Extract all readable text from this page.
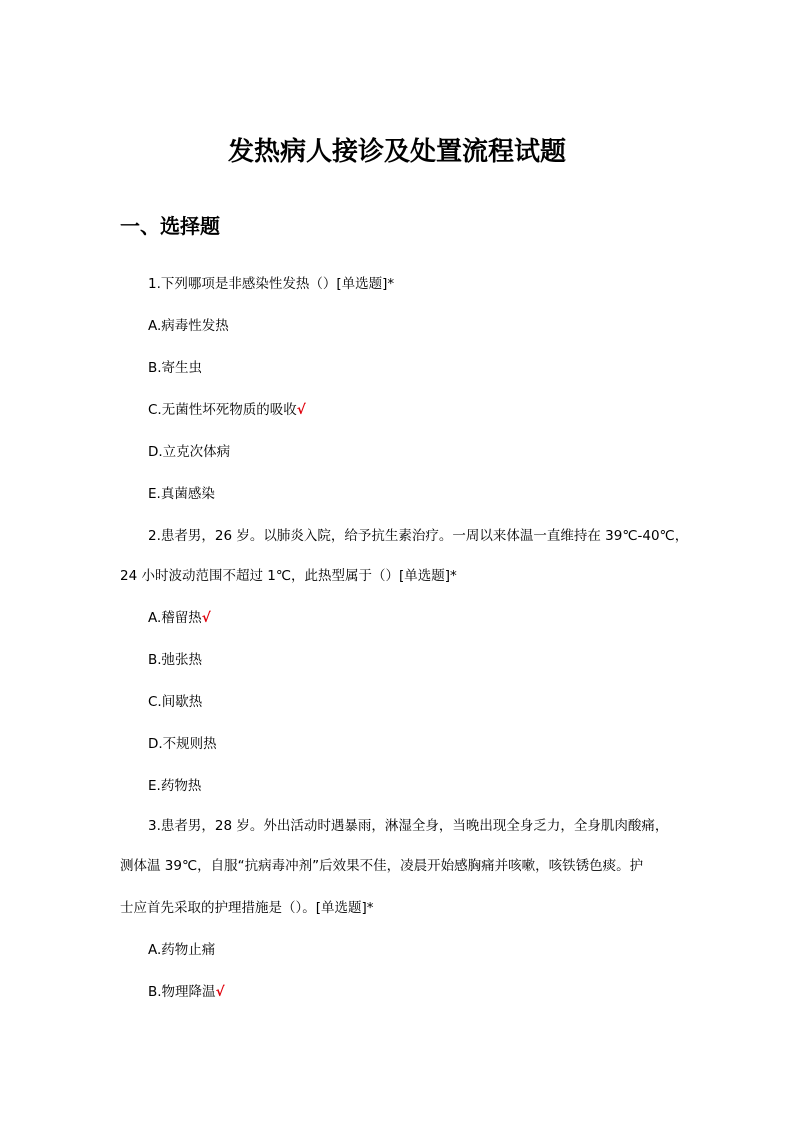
发热病人接诊及处置流程试题
一、选择题
1.下列哪项是非感染性发热（）[单选题]*
A.病毒性发热
B.寄生虫
C.无菌性坏死物质的吸收√
D.立克次体病
E.真菌感染
2.患者男，26 岁。以肺炎入院，给予抗生素治疗。一周以来体温一直维持在 39℃-40℃，
24 小时波动范围不超过 1℃，此热型属于（）[单选题]*
A.稽留热√
B.弛张热
C.间歇热
D.不规则热
E.药物热
3.患者男，28 岁。外出活动时遇暴雨，淋湿全身，当晚出现全身乏力，全身肌肉酸痛，
测体温 39℃，自服“抗病毒冲剂”后效果不佳，凌晨开始感胸痛并咳嗽，咳铁锈色痰。护
士应首先采取的护理措施是（）。[单选题]*
A.药物止痛
B.物理降温√
